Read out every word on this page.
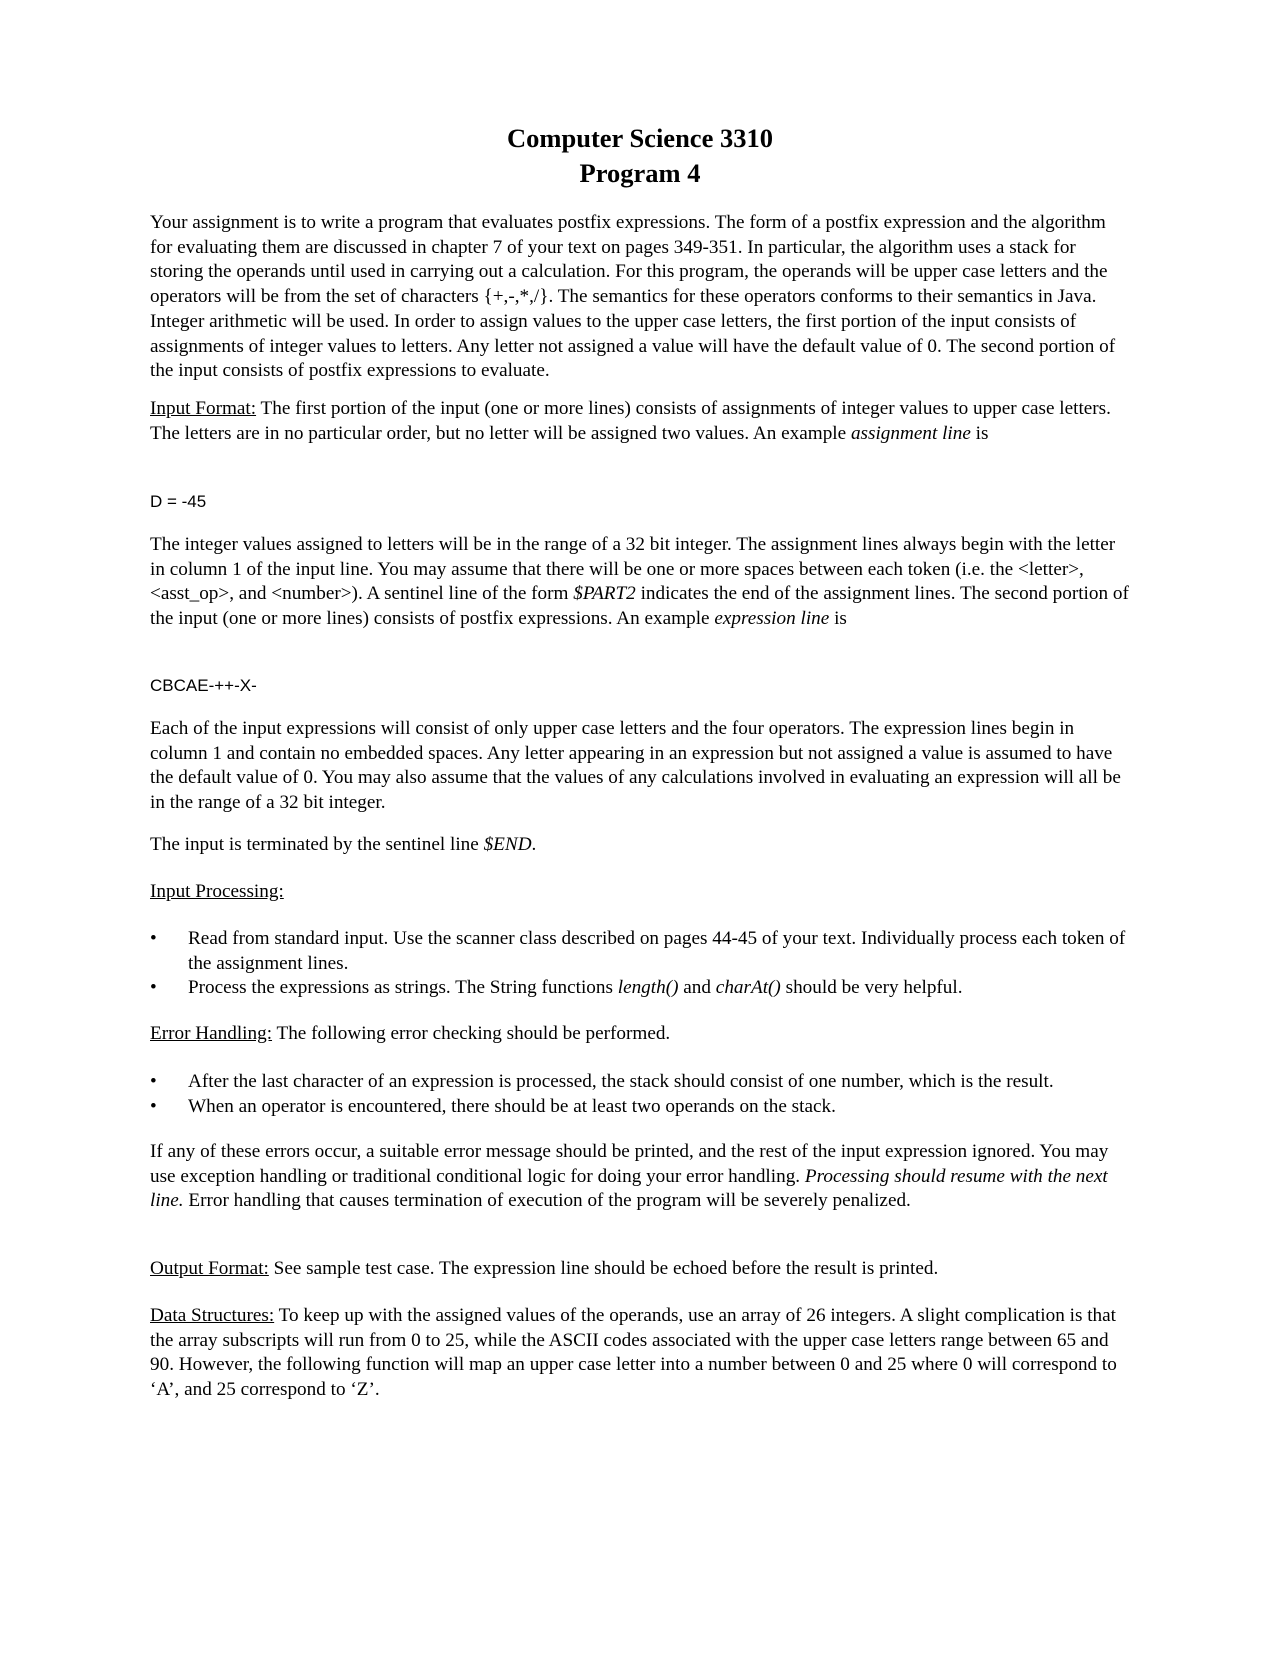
Computer Science 3310
Program 4

Your assignment is to write a program that evaluates postfix expressions. The form of a postfix expression and the algorithm for evaluating them are discussed in chapter 7 of your text on pages 349-351. In particular, the algorithm uses a stack for storing the operands until used in carrying out a calculation. For this program, the operands will be upper case letters and the operators will be from the set of characters {+,-,*,/}. The semantics for these operators conforms to their semantics in Java. Integer arithmetic will be used. In order to assign values to the upper case letters, the first portion of the input consists of assignments of integer values to letters. Any letter not assigned a value will have the default value of 0. The second portion of the input consists of postfix expressions to evaluate.

Input Format: The first portion of the input (one or more lines) consists of assignments of integer values to upper case letters. The letters are in no particular order, but no letter will be assigned two values. An example assignment line is

D = -45

The integer values assigned to letters will be in the range of a 32 bit integer. The assignment lines always begin with the letter in column 1 of the input line. You may assume that there will be one or more spaces between each token (i.e. the <letter>, <asst_op>, and <number>). A sentinel line of the form $PART2 indicates the end of the assignment lines. The second portion of the input (one or more lines) consists of postfix expressions. An example expression line is

CBCAE-++-X-

Each of the input expressions will consist of only upper case letters and the four operators. The expression lines begin in column 1 and contain no embedded spaces. Any letter appearing in an expression but not assigned a value is assumed to have the default value of 0. You may also assume that the values of any calculations involved in evaluating an expression will all be in the range of a 32 bit integer.

The input is terminated by the sentinel line $END.

Input Processing:

•	Read from standard input. Use the scanner class described on pages 44-45 of your text. Individually process each token of the assignment lines.
•	Process the expressions as strings. The String functions length() and charAt() should be very helpful.

Error Handling: The following error checking should be performed.

•	After the last character of an expression is processed, the stack should consist of one number, which is the result.
•	When an operator is encountered, there should be at least two operands on the stack.

If any of these errors occur, a suitable error message should be printed, and the rest of the input expression ignored. You may use exception handling or traditional conditional logic for doing your error handling. Processing should resume with the next line. Error handling that causes termination of execution of the program will be severely penalized.

Output Format: See sample test case. The expression line should be echoed before the result is printed.

Data Structures: To keep up with the assigned values of the operands, use an array of 26 integers. A slight complication is that the array subscripts will run from 0 to 25, while the ASCII codes associated with the upper case letters range between 65 and 90. However, the following function will map an upper case letter into a number between 0 and 25 where 0 will correspond to ‘A’, and 25 correspond to ‘Z’.
